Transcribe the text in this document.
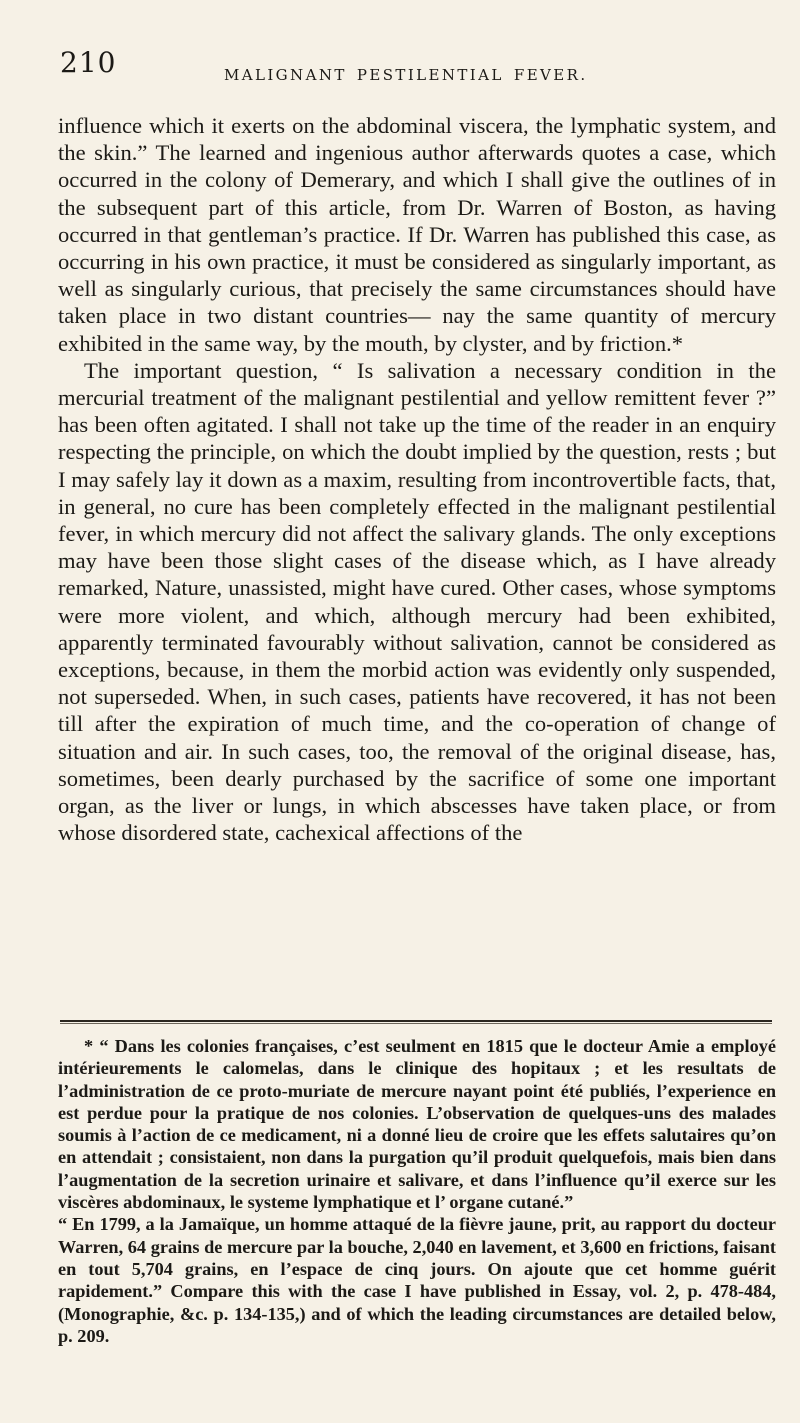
210	MALIGNANT PESTILENTIAL FEVER.

influence which it exerts on the abdominal viscera, the lymphatic system, and the skin.” The learned and ingenious author afterwards quotes a case, which occurred in the colony of Demerary, and which I shall give the outlines of in the subsequent part of this article, from Dr. Warren of Boston, as having occurred in that gentleman’s practice. If Dr. Warren has published this case, as occurring in his own practice, it must be considered as singularly important, as well as singularly curious, that precisely the same circumstances should have taken place in two distant countries— nay the same quantity of mercury exhibited in the same way, by the mouth, by clyster, and by friction.*

The important question, “ Is salivation a necessary condition in the mercurial treatment of the malignant pestilential and yellow remittent fever ?” has been often agitated. I shall not take up the time of the reader in an enquiry respecting the principle, on which the doubt implied by the question, rests ; but I may safely lay it down as a maxim, resulting from incontrovertible facts, that, in general, no cure has been completely effected in the malignant pestilential fever, in which mercury did not affect the salivary glands. The only exceptions may have been those slight cases of the disease which, as I have already remarked, Nature, unassisted, might have cured. Other cases, whose symptoms were more violent, and which, although mercury had been exhibited, apparently terminated favourably without salivation, cannot be considered as exceptions, because, in them the morbid action was evidently only suspended, not superseded. When, in such cases, patients have recovered, it has not been till after the expiration of much time, and the co-operation of change of situation and air. In such cases, too, the removal of the original disease, has, sometimes, been dearly purchased by the sacrifice of some one important organ, as the liver or lungs, in which abscesses have taken place, or from whose disordered state, cachexical affections of the

* “ Dans les colonies françaises, c’est seulment en 1815 que le docteur Amie a employé intérieurements le calomelas, dans le clinique des hopitaux ; et les resultats de l’administration de ce proto-muriate de mercure nayant point été publiés, l’experience en est perdue pour la pratique de nos colonies. L’observation de quelques-uns des malades soumis à l’action de ce medicament, ni a donné lieu de croire que les effets salutaires qu’on en attendait ; consistaient, non dans la purgation qu’il produit quelquefois, mais bien dans l’augmentation de la secretion urinaire et salivare, et dans l’influence qu’il exerce sur les viscères abdominaux, le systeme lymphatique et l’ organe cutané.”

“ En 1799, a la Jamaïque, un homme attaqué de la fièvre jaune, prit, au rapport du docteur Warren, 64 grains de mercure par la bouche, 2,040 en lavement, et 3,600 en frictions, faisant en tout 5,704 grains, en l’espace de cinq jours. On ajoute que cet homme guérit rapidement.” Compare this with the case I have published in Essay, vol. 2, p. 478-484, (Monographie, &c. p. 134-135,) and of which the leading circumstances are detailed below, p. 209.
